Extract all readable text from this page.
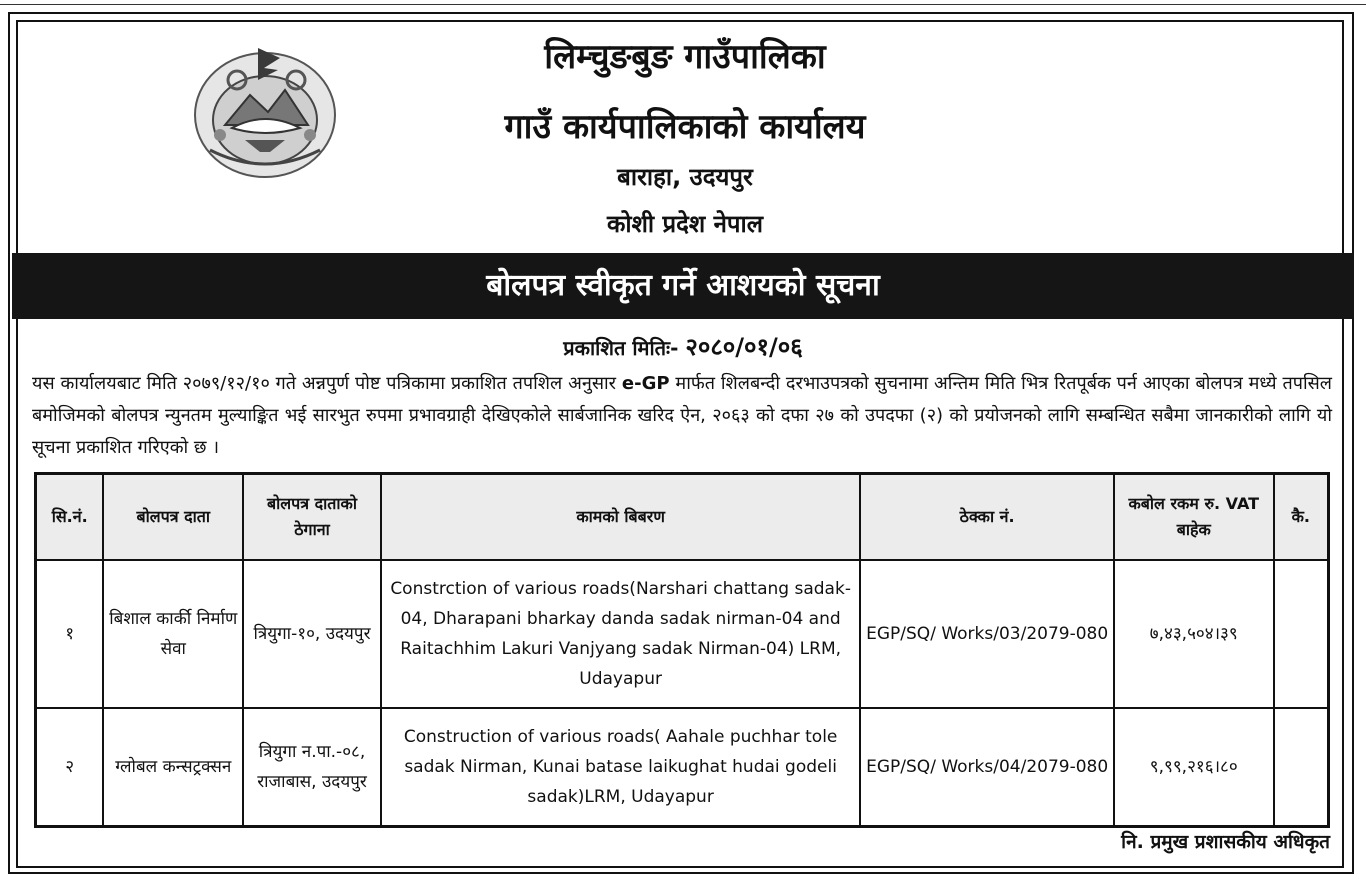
लिम्चुङबुङ गाउँपालिका
गाउँ कार्यपालिकाको कार्यालय
बाराहा, उदयपुर
कोशी प्रदेश नेपाल
बोलपत्र स्वीकृत गर्ने आशयको सूचना
प्रकाशित मितिः- २०८०/०१/०६
यस कार्यालयबाट मिति २०७९/१२/१० गते अन्नपुर्ण पोष्ट पत्रिकामा प्रकाशित तपशिल अनुसार e-GP मार्फत शिलबन्दी दरभाउपत्रको सुचनामा अन्तिम मिति भित्र रितपूर्बक पर्न आएका बोलपत्र मध्ये तपसिल बमोजिमको बोलपत्र न्युनतम मुल्याङ्कित भई सारभुत रुपमा प्रभावग्राही देखिएकोले सार्बजानिक खरिद ऐन, २०६३ को दफा २७ को उपदफा (२) को प्रयोजनको लागि सम्बन्धित सबैमा जानकारीको लागि यो सूचना प्रकाशित गरिएको छ ।
सि.नं.	बोलपत्र दाता	बोलपत्र दाताको ठेगाना	कामको बिबरण	ठेक्का नं.	कबोल रकम रु. VAT बाहेक	कै.
१	बिशाल कार्की निर्माण सेवा	त्रियुगा-१०, उदयपुर	Constrction of various roads(Narshari chattang sadak-04, Dharapani bharkay danda sadak nirman-04 and Raitachhim Lakuri Vanjyang sadak Nirman-04) LRM, Udayapur	EGP/SQ/ Works/03/2079-080	७,४३,५०४।३९	
२	ग्लोबल कन्सट्रक्सन	त्रियुगा न.पा.-०८, राजाबास, उदयपुर	Construction of various roads( Aahale puchhar tole sadak Nirman, Kunai batase laikughat hudai godeli sadak)LRM, Udayapur	EGP/SQ/ Works/04/2079-080	९,९९,२१६।८०	
नि. प्रमुख प्रशासकीय अधिकृत
